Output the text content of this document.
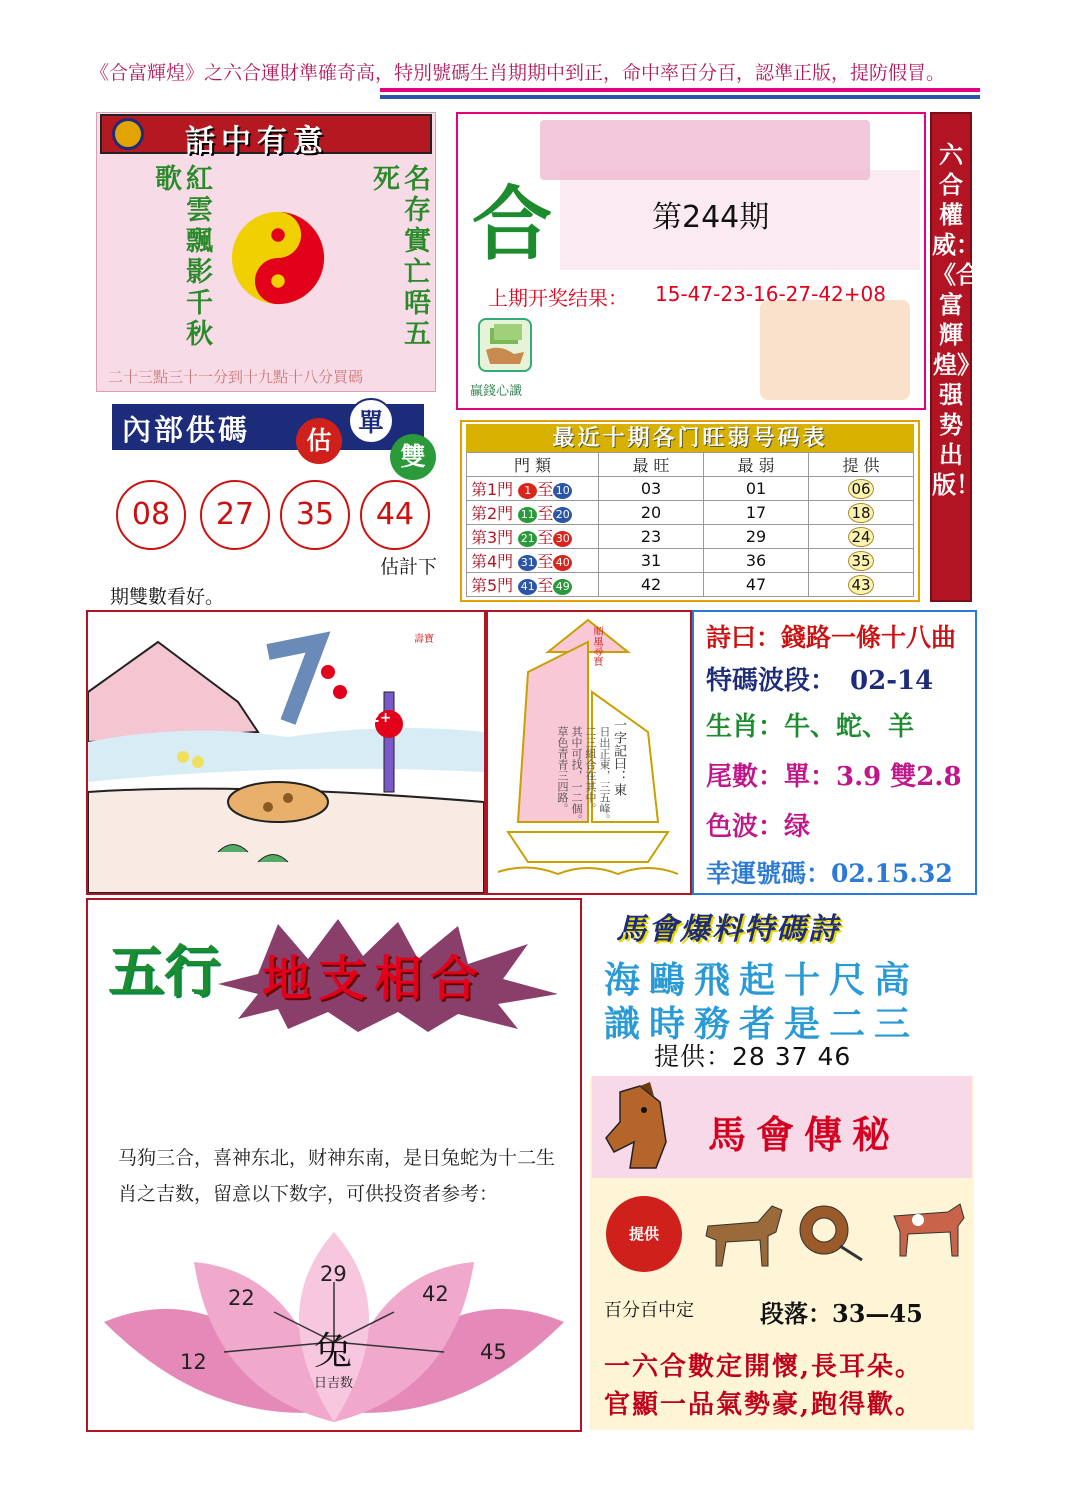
《合富輝煌》之六合運財準確奇高，特別號碼生肖期期中到正，命中率百分百，認準正版，提防假冒。
話中有意
紅雲飄影千秋歌	名存實亡唔五死
二十三點三十一分到十九點十八分買碼
合	第244期
上期开奖结果： 15-47-23-16-27-42+08
贏錢心讖
六合權威：《合富輝煌》强势出版！
內部供碼	估
單
雙
08	27	35	44
估計下
期雙數看好。
最近十期各门旺弱号码表
門 類	最 旺	最 弱	提 供
第1門 1 至 10	03	01	06
第2門 11 至 20	20	17	18
第3門 21 至 30	23	29	24
第4門 31 至 40	31	36	35
第5門 41 至 49	42	47	43
2+
壽寶	順風尋寶
一字記曰：東
日出正東，三五峰。
二三組合在其中。
其中可找，一二個。
草色青青三四路。
詩曰：錢路一條十八曲
特碼波段： 02-14
生肖：牛、蛇、羊
尾數：單：3.9 雙2.8
色波：绿
幸運號碼：02.15.32
五行 地支相合
马狗三合，喜神东北，财神东南，是日兔蛇为十二生肖之吉数，留意以下数字，可供投资者参考：
12
22
29
42
45
兔
日吉数
馬會爆料特碼詩
海鷗飛起十尺高
識時務者是二三
提供：28 37 46
馬會傳秘
提供
百分百中定	段落：33—45
一六合數定開懷,長耳朵。
官顯一品氣勢豪,跑得歡。
